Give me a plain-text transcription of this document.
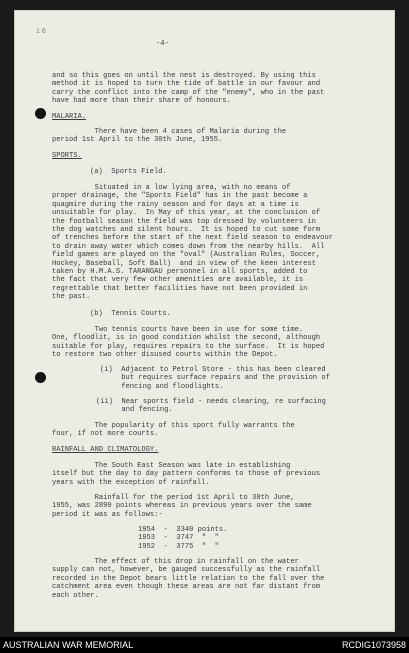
1 6

-4-

and so this goes on until the nest is destroyed. By using this

method it is hoped to turn the tide of battle in our favour and

carry the conflict into the camp of the "enemy", who in the past

have had more than their share of honours.

MALARIA.

There have been 4 cases of Malaria during the

period 1st April to the 30th June, 1955.

SPORTS.

(a)  Sports Field.

Situated in a low lying area, with no means of

proper drainage, the "Sports Field" has in the past become a

quagmire during the rainy season and for days at a time is

unsuitable for play.  In May of this year, at the conclusion of

the football season the field was top dressed by volunteers in

the dog watches and silent hours.  It is hoped to cut some form

of trenches before the start of the next field season to endeavour

to drain away water which comes down from the nearby hills.  All

field games are played on the "oval" (Australian Rules, Soccer,

Hockey, Baseball, Soft Ball)  and in view of the keen interest

taken by H.M.A.S. TARANGAU personnel in all sports, added to

the fact that very few other amenities are available, it is

regrettable that better facilities have not been provided in

the past.

(b)  Tennis Courts.

Two tennis courts have been in use for some time.

One, floodlit, is in good condition whilst the second, although

suitable for play, requires repairs to the surface.  It is hoped

to restore two other disused courts within the Depot.

(i)  Adjacent to Petrol Store - this has been cleared

but requires surface repairs and the provision of

fencing and floodlights.

(ii)  Near sports field - needs clearing, re surfacing

and fencing.

The popularity of this sport fully warrants the

four, if not more courts.

RAINFALL AND CLIMATOLOGY.

The South East Season was late in establishing

itself but the day to day pattern conforms to those of previous

years with the exception of rainfall.

Rainfall for the period 1st April to 30th June,

1955, was 2890 points whereas in previous years over the same

period it was as follows:-

1954  -  3340 points.

1953  -  3747  "  "

1952  -  3775  "  "

The effect of this drop in rainfall on the water

supply can not, however, be gauged successfully as the rainfall

recorded in the Depot bears little relation to the fall over the

catchment area even though these areas are not far distant from

each other.

AUSTRALIAN WAR MEMORIAL	RCDIG1073958
